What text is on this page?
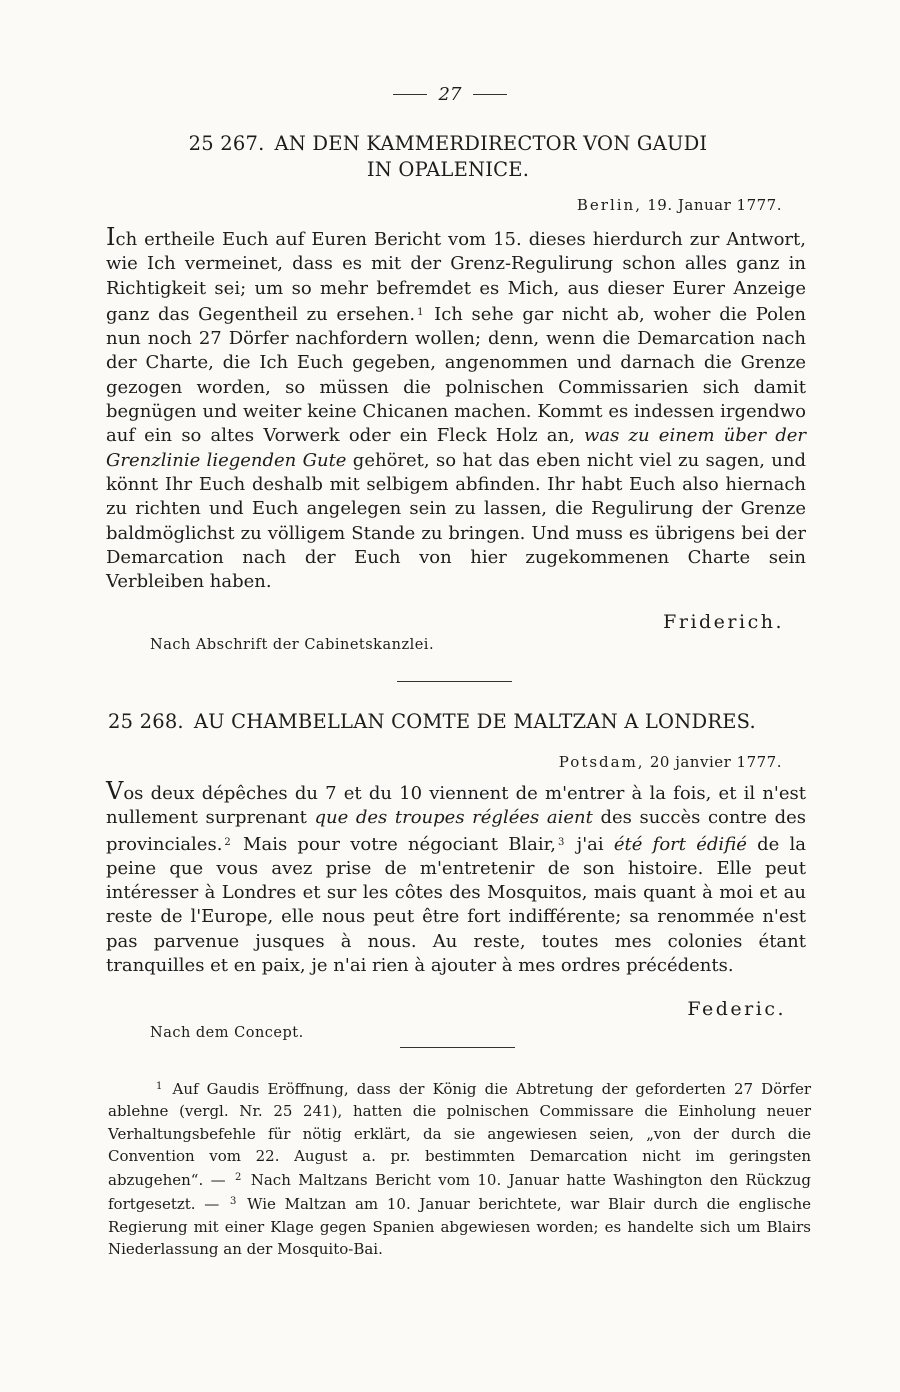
27
25 267. AN DEN KAMMERDIRECTOR VON GAUDI
IN OPALENICE.
Berlin, 19. Januar 1777.

Ich ertheile Euch auf Euren Bericht vom 15. dieses hierdurch zur Antwort, wie Ich vermeinet, dass es mit der Grenz-Regulirung schon alles ganz in Richtigkeit sei; um so mehr befremdet es Mich, aus dieser Eurer Anzeige ganz das Gegentheil zu ersehen. $^1$ Ich sehe gar nicht ab, woher die Polen nun noch 27 Dörfer nachfordern wollen; denn, wenn die Demarcation nach der Charte, die Ich Euch gegeben, angenommen und darnach die Grenze gezogen worden, so müssen die polnischen Commissarien sich damit begnügen und weiter keine Chicanen machen. Kommt es indessen irgendwo auf ein so altes Vorwerk oder ein Fleck Holz an, was zu einem über der Grenzlinie liegenden Gute gehöret, so hat das eben nicht viel zu sagen, und könnt Ihr Euch deshalb mit selbigem abfinden. Ihr habt Euch also hiernach zu richten und Euch angelegen sein zu lassen, die Regulirung der Grenze baldmöglichst zu völligem Stande zu bringen. Und muss es übrigens bei der Demarcation nach der Euch von hier zugekommenen Charte sein Verbleiben haben.

Friderich.
Nach Abschrift der Cabinetskanzlei.
25 268. AU CHAMBELLAN COMTE DE MALTZAN A LONDRES.
Potsdam, 20 janvier 1777.

Vos deux dépêches du 7 et du 10 viennent de m'entrer à la fois, et il n'est nullement surprenant que des troupes réglées aient des succès contre des provinciales. $^2$ Mais pour votre négociant Blair, $^3$ j'ai été fort édifié de la peine que vous avez prise de m'entretenir de son histoire. Elle peut intéresser à Londres et sur les côtes des Mosquitos, mais quant à moi et au reste de l'Europe, elle nous peut être fort indifférente; sa renommée n'est pas parvenue jusques à nous. Au reste, toutes mes colonies étant tranquilles et en paix, je n'ai rien à ajouter à mes ordres précédents.

Federic.
Nach dem Concept.

$^1$ Auf Gaudis Eröffnung, dass der König die Abtretung der geforderten 27 Dörfer ablehne (vergl. Nr. 25 241), hatten die polnischen Commissare die Einholung neuer Verhaltungsbefehle für nötig erklärt, da sie angewiesen seien, „von der durch die Convention vom 22. August a. pr. bestimmten Demarcation nicht im geringsten abzugehen“. — $^2$ Nach Maltzans Bericht vom 10. Januar hatte Washington den Rückzug fortgesetzt. — $^3$ Wie Maltzan am 10. Januar berichtete, war Blair durch die englische Regierung mit einer Klage gegen Spanien abgewiesen worden; es handelte sich um Blairs Niederlassung an der Mosquito-Bai.
